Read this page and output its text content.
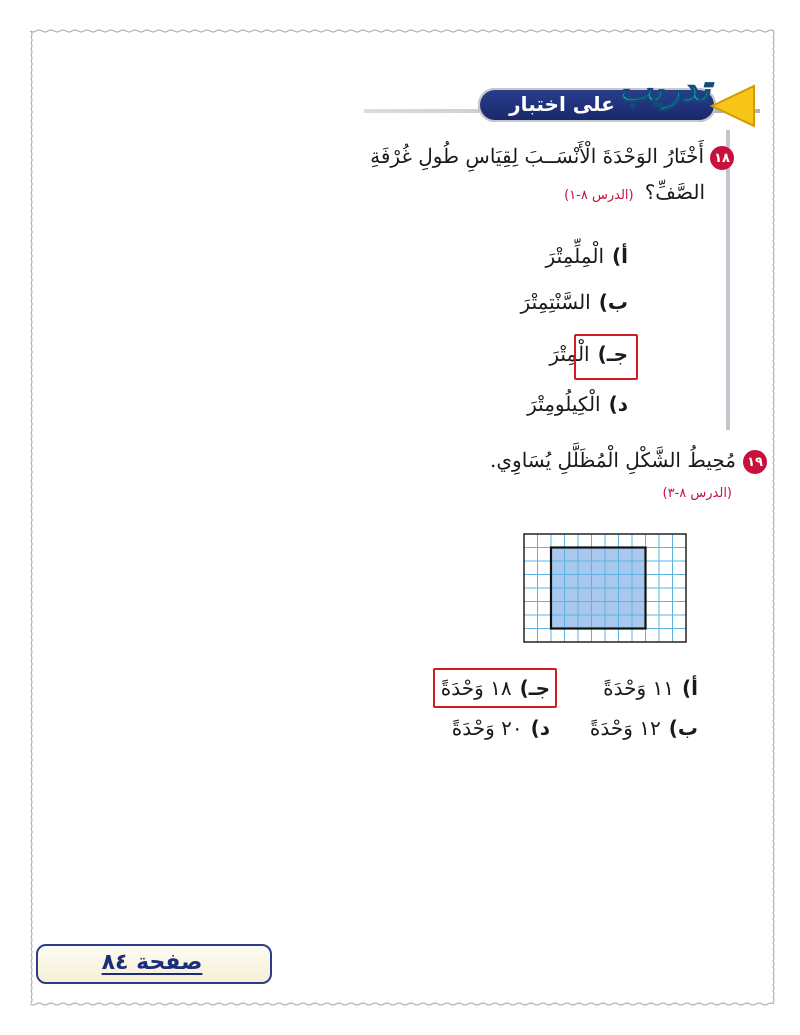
على اختبار تدريب
١٨
أَخْتَارُ الوَحْدَةَ الْأَنْسَــبَ لِقِيَاسِ طُولِ غُرْفَةِ
الصَّفِّ؟ (الدرس ٨-١)
أ)الْمِلِّمِتْرَ
ب)السَّنْتِمِتْرَ
جـ)الْمِتْرَ
د)الْكِيلُومِتْرَ
١٩
مُحِيطُ الشَّكْلِ الْمُظَلَّلِ يُسَاوِي.
(الدرس ٨-٣)
أ)١١ وَحْدَةً
جـ)١٨ وَحْدَةً
ب)١٢ وَحْدَةً
د)٢٠ وَحْدَةً
صفحة ٨٤
